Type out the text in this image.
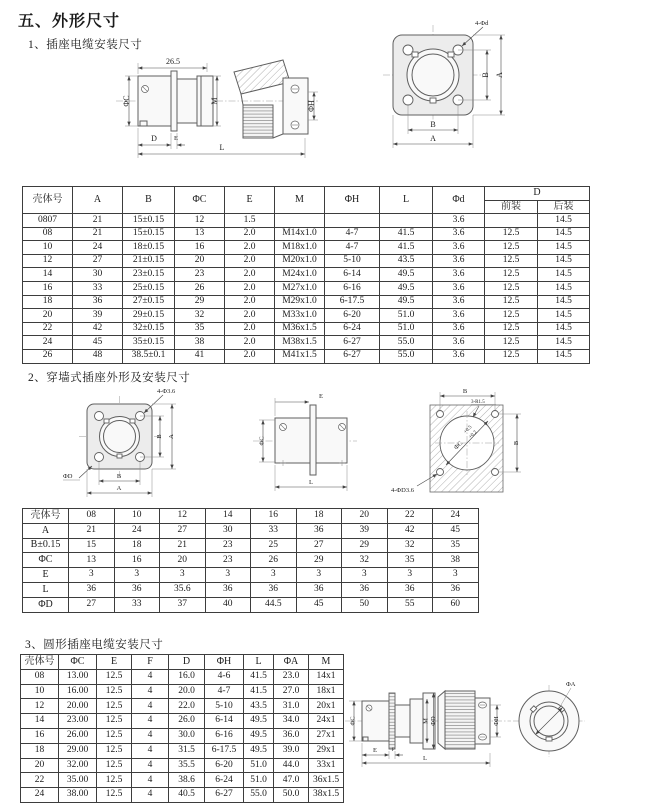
五、外形尺寸
1、插座电缆安装尺寸
26.5
ΦC	M
D	E
L
ΦH
4-Φd
B A
B
A
壳体号	A	B	ΦC	E	M	ΦH	L	Φd	D	
									前装	后装
0807	21	15±0.15	12	1.5				3.6		14.5
08	21	15±0.15	13	2.0	M14x1.0	4-7	41.5	3.6	12.5	14.5
10	24	18±0.15	16	2.0	M18x1.0	4-7	41.5	3.6	12.5	14.5
12	27	21±0.15	20	2.0	M20x1.0	5-10	43.5	3.6	12.5	14.5
14	30	23±0.15	23	2.0	M24x1.0	6-14	49.5	3.6	12.5	14.5
16	33	25±0.15	26	2.0	M27x1.0	6-16	49.5	3.6	12.5	14.5
18	36	27±0.15	29	2.0	M29x1.0	6-17.5	49.5	3.6	12.5	14.5
20	39	29±0.15	32	2.0	M33x1.0	6-20	51.0	3.6	12.5	14.5
22	42	32±0.15	35	2.0	M36x1.5	6-24	51.0	3.6	12.5	14.5
24	45	35±0.15	38	2.0	M38x1.5	6-27	55.0	3.6	12.5	14.5
26	48	38.5±0.1	41	2.0	M41x1.5	6-27	55.0	3.6	12.5	14.5
2、穿墙式插座外形及安装尺寸
4-Φ3.6
ΦD
B A
B
A
E
ΦC
L
ΦC
+0.5
+0.2
B
3-R1.5
B
4-ΦD3.6
壳体号	08	10	12	14	16	18	20	22	24
A	21	24	27	30	33	36	39	42	45
B±0.15	15	18	21	23	25	27	29	32	35
ΦC	13	16	20	23	26	29	32	35	38
E	3	3	3	3	3	3	3	3	3
L	36	36	35.6	36	36	36	36	36	36
ΦD	27	33	37	40	44.5	45	50	55	60
3、圆形插座电缆安装尺寸
壳体号	ΦC	E	F	D	ΦH	L	ΦA	M
08	13.00	12.5	4	16.0	4-6	41.5	23.0	14x1
10	16.00	12.5	4	20.0	4-7	41.5	27.0	18x1
12	20.00	12.5	4	22.0	5-10	43.5	31.0	20x1
14	23.00	12.5	4	26.0	6-14	49.5	34.0	24x1
16	26.00	12.5	4	30.0	6-16	49.5	36.0	27x1
18	29.00	12.5	4	31.5	6-17.5	49.5	39.0	29x1
20	32.00	12.5	4	35.5	6-20	51.0	44.0	33x1
22	35.00	12.5	4	38.6	6-24	51.0	47.0	36x1.5
24	38.00	12.5	4	40.5	6-27	55.0	50.0	38x1.5
ΦC	M ΦD
E	F
L
ΦH
ΦA
